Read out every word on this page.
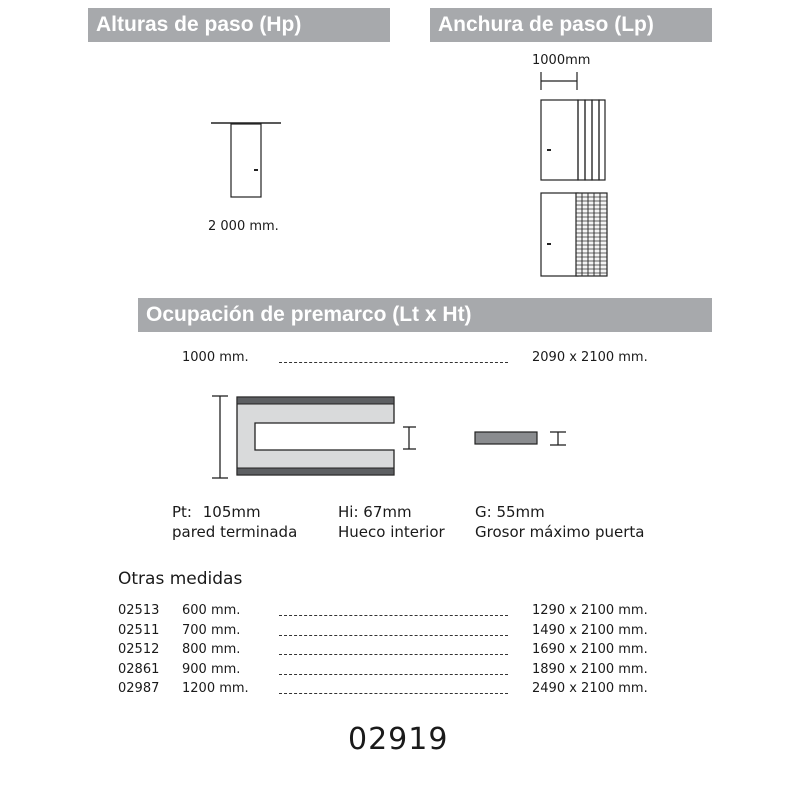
Alturas de paso (Hp)	Anchura de paso (Lp)
Ocupación de premarco (Lt x Ht)
2 000 mm.
1000mm
1000 mm.	2090 x 2100 mm.
Pt: 105mm
pared terminada
Hi: 67mm
Hueco interior
G: 55mm
Grosor máximo puerta
Otras medidas
02513 600 mm.	1290 x 2100 mm.
02511 700 mm.	1490 x 2100 mm.
02512 800 mm.	1690 x 2100 mm.
02861 900 mm.	1890 x 2100 mm.
02987 1200 mm.	2490 x 2100 mm.
02919
